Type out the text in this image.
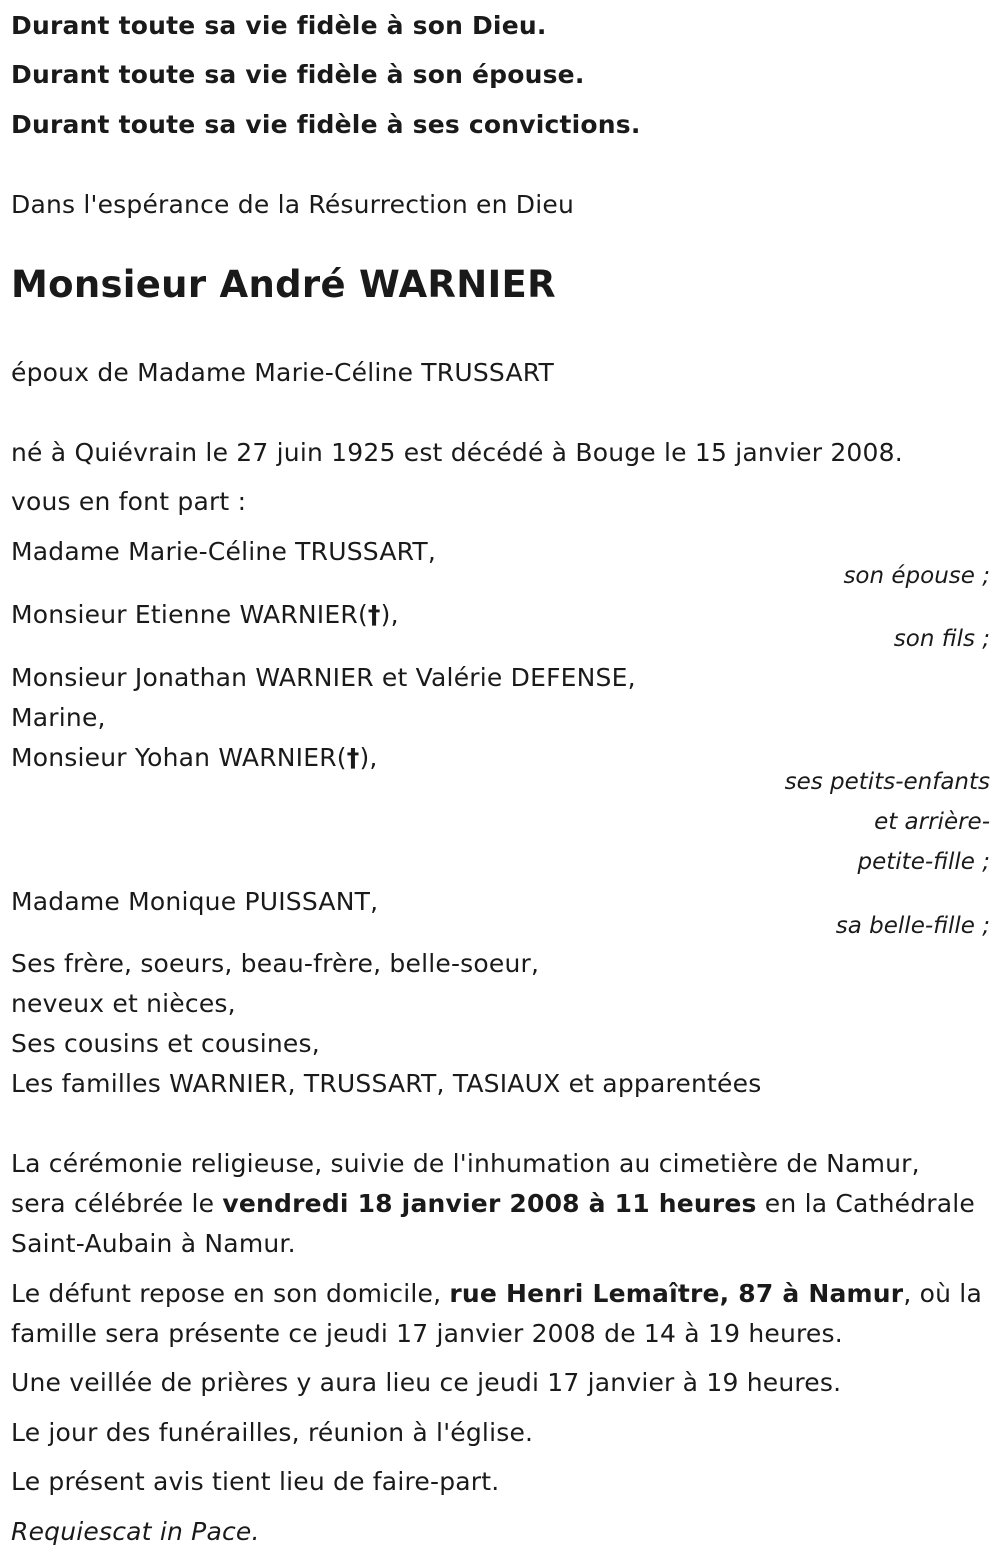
Durant toute sa vie fidèle à son Dieu.
Durant toute sa vie fidèle à son épouse.
Durant toute sa vie fidèle à ses convictions.
Dans l'espérance de la Résurrection en Dieu
Monsieur André WARNIER
époux de Madame Marie-Céline TRUSSART
né à Quiévrain le 27 juin 1925 est décédé à Bouge le 15 janvier 2008.
vous en font part :
Madame Marie-Céline TRUSSART,
son épouse ;
Monsieur Etienne WARNIER(†),
son fils ;
Monsieur Jonathan WARNIER et Valérie DEFENSE,
Marine,
Monsieur Yohan WARNIER(†),
ses petits-enfants
et arrière-
petite-fille ;
Madame Monique PUISSANT,
sa belle-fille ;
Ses frère, soeurs, beau-frère, belle-soeur,
neveux et nièces,
Ses cousins et cousines,
Les familles WARNIER, TRUSSART, TASIAUX et apparentées
La cérémonie religieuse, suivie de l'inhumation au cimetière de Namur,
sera célébrée le vendredi 18 janvier 2008 à 11 heures en la Cathédrale
Saint-Aubain à Namur.
Le défunt repose en son domicile, rue Henri Lemaître, 87 à Namur, où la
famille sera présente ce jeudi 17 janvier 2008 de 14 à 19 heures.
Une veillée de prières y aura lieu ce jeudi 17 janvier à 19 heures.
Le jour des funérailles, réunion à l'église.
Le présent avis tient lieu de faire-part.
Requiescat in Pace.
